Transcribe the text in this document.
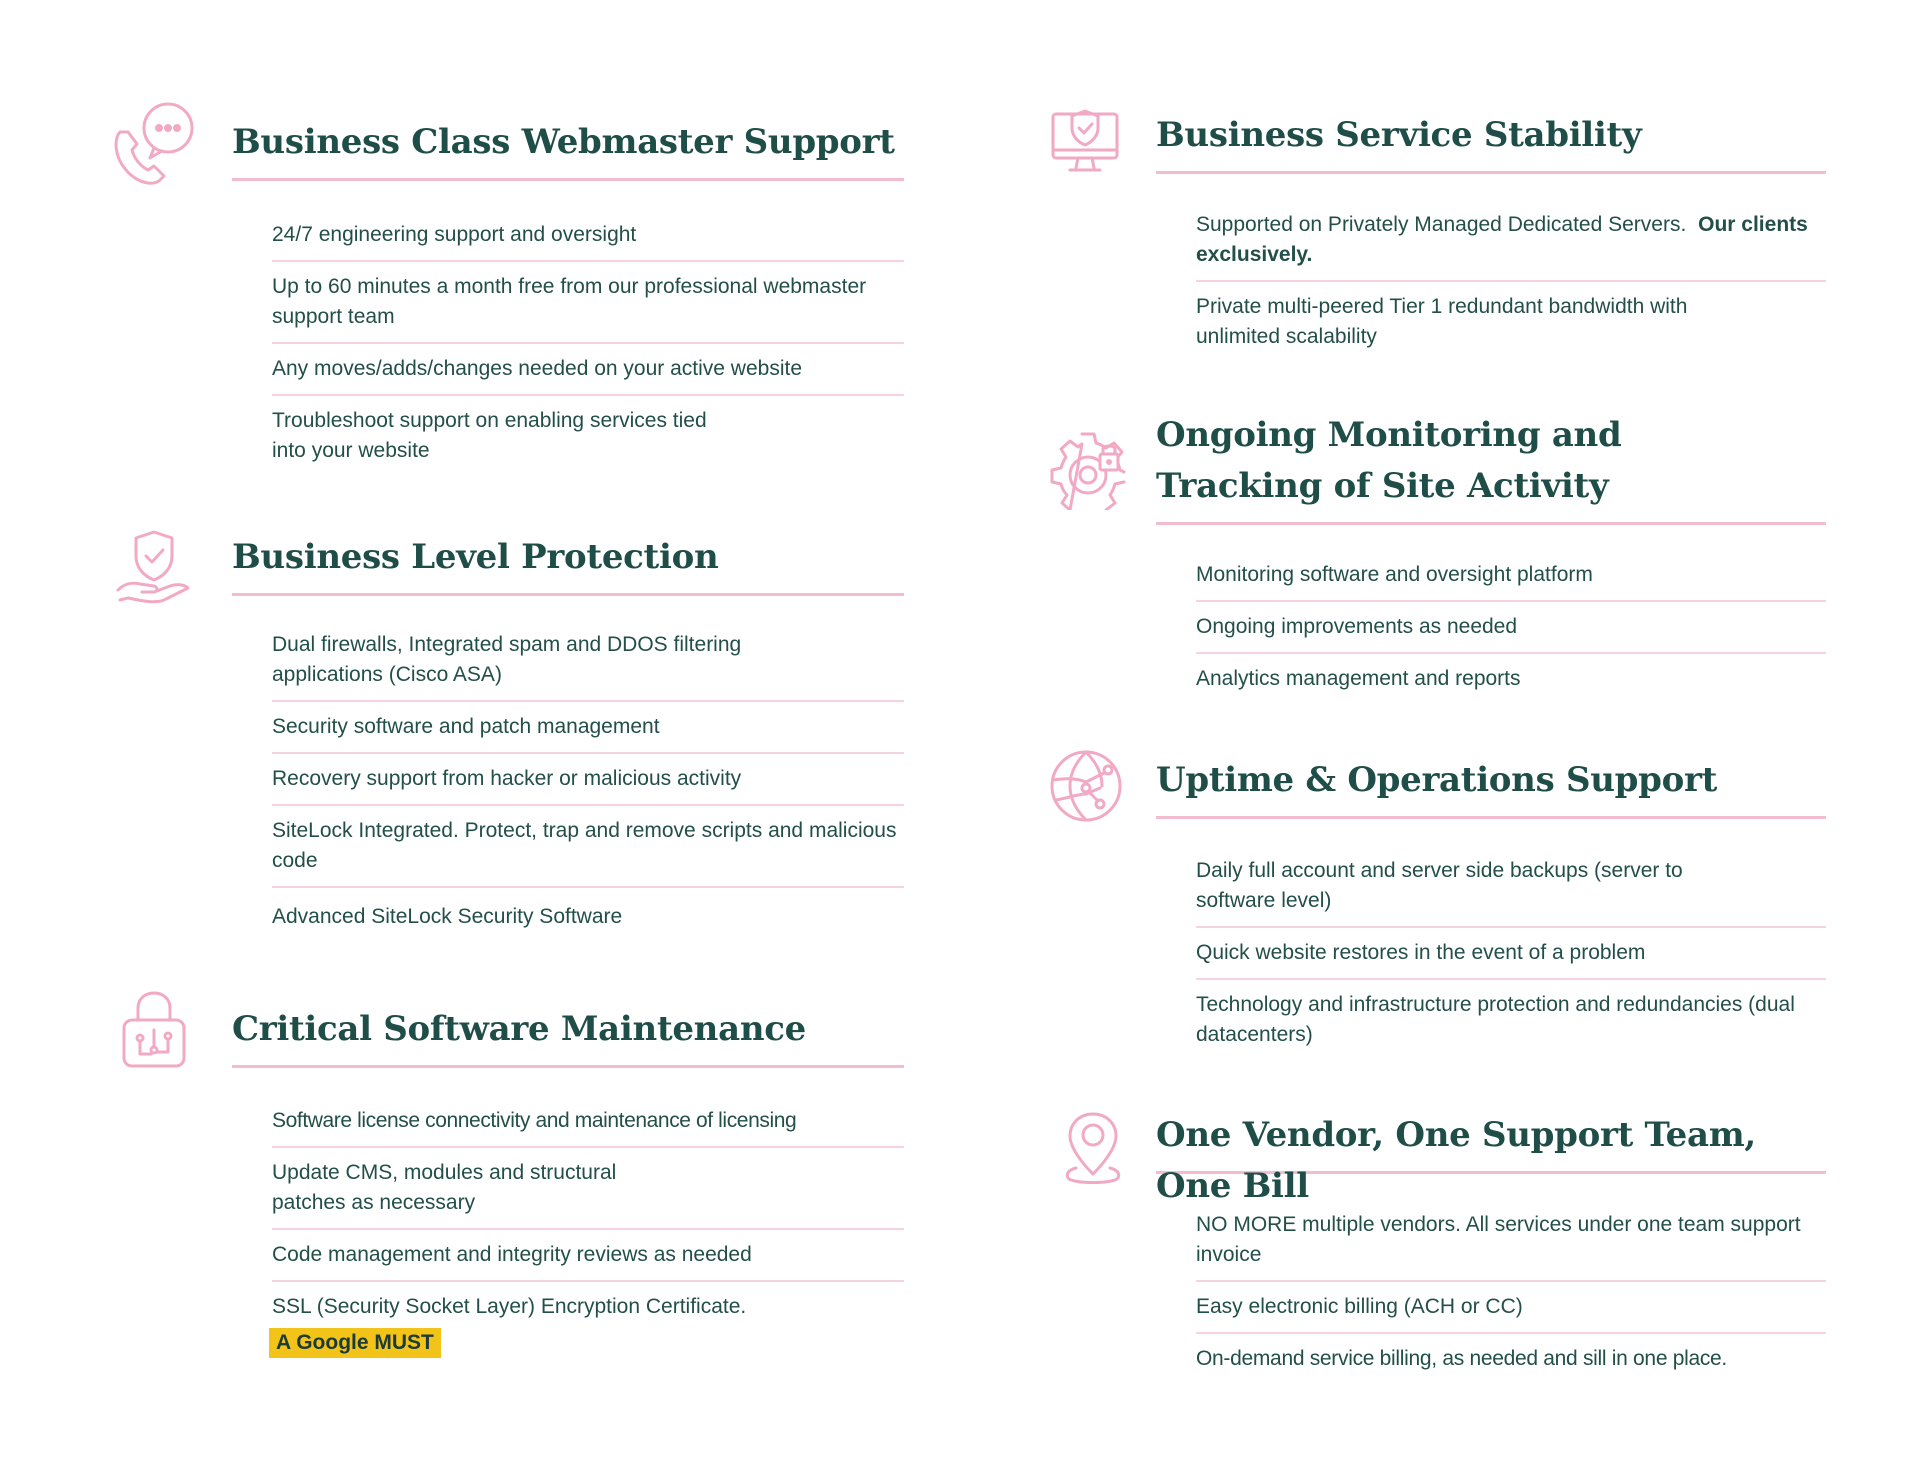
Business Class Webmaster Support
24/7 engineering support and oversight
Up to 60 minutes a month free from our professional webmaster support team
Any moves/adds/changes needed on your active website
Troubleshoot support on enabling services tied into your website
Business Level Protection
Dual firewalls, Integrated spam and DDOS filtering applications (Cisco ASA)
Security software and patch management
Recovery support from hacker or malicious activity
SiteLock Integrated. Protect, trap and remove scripts and malicious code
Advanced SiteLock Security Software
Critical Software Maintenance
Software license connectivity and maintenance of licensing
Update CMS, modules and structural patches as necessary
Code management and integrity reviews as needed
SSL (Security Socket Layer) Encryption Certificate.
A Google MUST
Business Service Stability
Supported on Privately Managed Dedicated Servers. Our clients exclusively.
Private multi-peered Tier 1 redundant bandwidth with unlimited scalability
Ongoing Monitoring and Tracking of Site Activity
Monitoring software and oversight platform
Ongoing improvements as needed
Analytics management and reports
Uptime & Operations Support
Daily full account and server side backups (server to software level)
Quick website restores in the event of a problem
Technology and infrastructure protection and redundancies (dual datacenters)
One Vendor, One Support Team, One Bill
NO MORE multiple vendors. All services under one team support invoice
Easy electronic billing (ACH or CC)
On-demand service billing, as needed and sill in one place.
